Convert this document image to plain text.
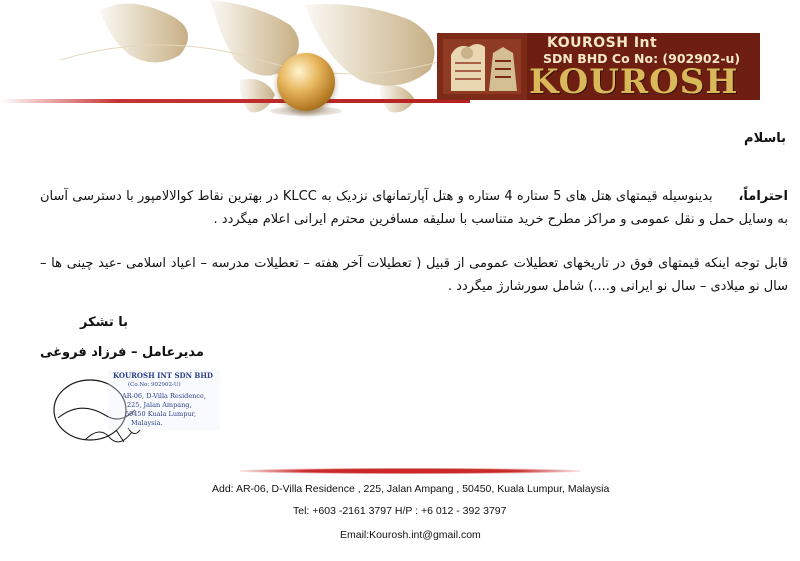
KOUROSH Int
SDN BHD Co No: (902902-u)
KOUROSH
باسلام
احتراماً،      بدینوسیله قیمتهای هتل های 5 ستاره 4 ستاره و هتل آپارتمانهای نزدیک به KLCC در بهترین نقاط کوالالامپور با دسترسی آسان به وسایل حمل و نقل عمومی و مراکز مطرح خرید متناسب با سلیقه مسافرین محترم ایرانی اعلام میگردد .
قابل توجه اینکه قیمتهای فوق در تاریخهای تعطیلات عمومی از قبیل ( تعطیلات آخر هفته – تعطیلات مدرسه – اعیاد اسلامی -عید چینی ها – سال نو میلادی – سال نو ایرانی و....) شامل سورشارژ میگردد .
با تشکر
مدیرعامل – فرزاد فروغی
KOUROSH INT SDN BHD
(Co.No: 902902-U)
AR-06, D-Villa Residence,
225, Jalan Ampang,
50450 Kuala Lumpur,
Malaysia.
Add: AR-06, D-Villa Residence , 225, Jalan Ampang , 50450, Kuala Lumpur, Malaysia
Tel: +603 -2161 3797 H/P : +6 012 - 392 3797
Email:Kourosh.int@gmail.com
